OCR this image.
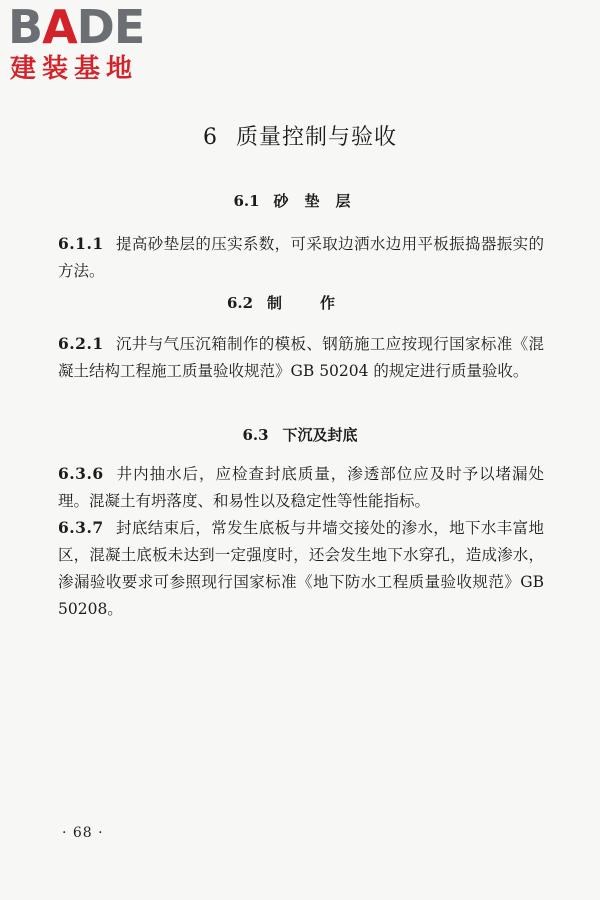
BADE
建装基地
6 质量控制与验收
6.1 砂垫层

6.1.1 提高砂垫层的压实系数，可采取边洒水边用平板振捣器振实的方法。

6.2 制作

6.2.1 沉井与气压沉箱制作的模板、钢筋施工应按现行国家标准《混凝土结构工程施工质量验收规范》GB 50204 的规定进行质量验收。

6.3 下沉及封底

6.3.6 井内抽水后，应检查封底质量，渗透部位应及时予以堵漏处理。混凝土有坍落度、和易性以及稳定性等性能指标。

6.3.7 封底结束后，常发生底板与井墙交接处的渗水，地下水丰富地区，混凝土底板未达到一定强度时，还会发生地下水穿孔，造成渗水，渗漏验收要求可参照现行国家标准《地下防水工程质量验收规范》GB 50208。

· 68 ·
